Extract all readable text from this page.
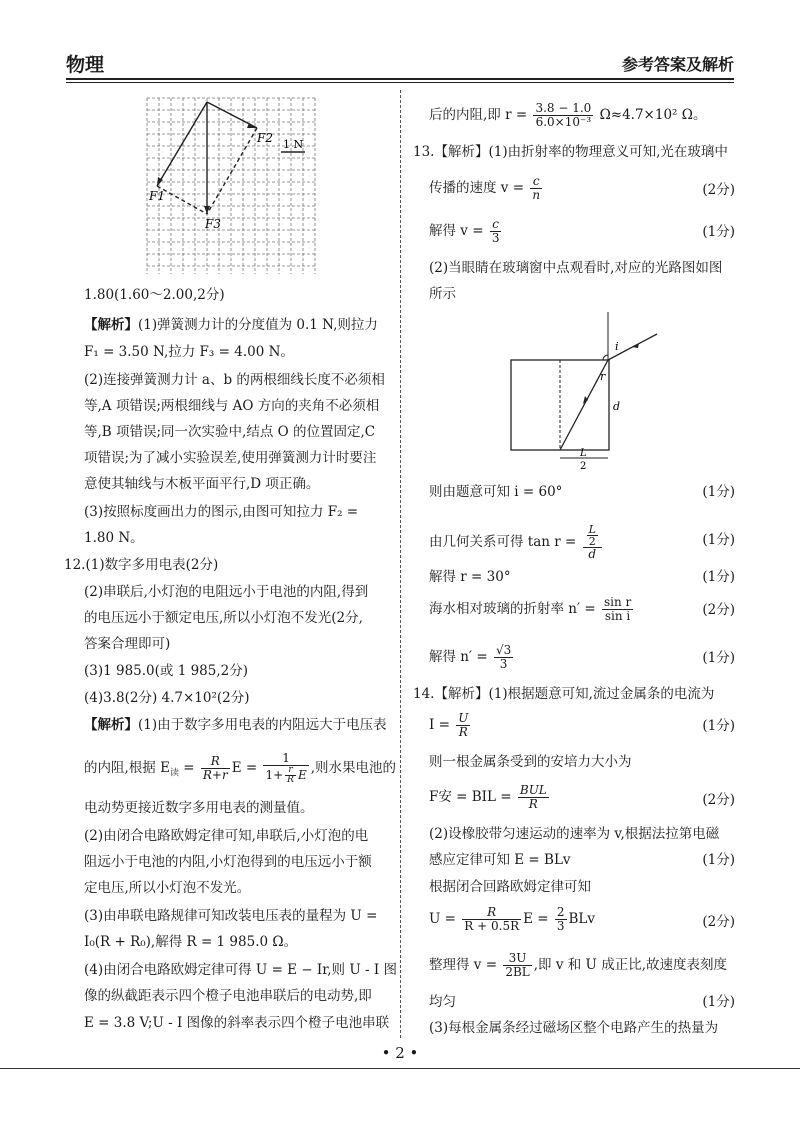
物理	参考答案及解析
F2
F1
F3
1 N
1.80(1.60～2.00,2分)
【解析】(1)弹簧测力计的分度值为 0.1 N,则拉力
F₁ = 3.50 N,拉力 F₃ = 4.00 N。
(2)连接弹簧测力计 a、b 的两根细线长度不必须相
等,A 项错误;两根细线与 AO 方向的夹角不必须相
等,B 项错误;同一次实验中,结点 O 的位置固定,C
项错误;为了减小实验误差,使用弹簧测力计时要注
意使其轴线与木板平面平行,D 项正确。
(3)按照标度画出力的图示,由图可知拉力 F₂ =
1.80 N。
12.(1)数字多用电表(2分)
(2)串联后,小灯泡的电阻远小于电池的内阻,得到
的电压远小于额定电压,所以小灯泡不发光(2分,
答案合理即可)
(3)1 985.0(或 1 985,2分)
(4)3.8(2分) 4.7×10²(2分)
【解析】(1)由于数字多用电表的内阻远大于电压表
的内阻,根据 $E_读 = \frac{R}{R+r}$ $E = \frac{1}{1+ \frac{r}{R} E}$ ,则水果电池的
电动势更接近数字多用电表的测量值。
(2)由闭合电路欧姆定律可知,串联后,小灯泡的电
阻远小于电池的内阻,小灯泡得到的电压远小于额
定电压,所以小灯泡不发光。
(3)由串联电路规律可知改装电压表的量程为 U =
I₀(R + R₀),解得 R = 1 985.0 Ω。
(4)由闭合电路欧姆定律可得 U = E − Ir,则 U - I 图
像的纵截距表示四个橙子电池串联后的电动势,即
E = 3.8 V;U - I 图像的斜率表示四个橙子电池串联
后的内阻,即 $r = \frac{3.8 - 1.0}{\text{6.0×10⁻³}} \Omega\approx 4.7\times 10^2$ Ω。
13.【解析】(1)由折射率的物理意义可知,光在玻璃中
传播的速度 $v = \frac{c}{n}$	(2分)
解得 $v = \frac{c}{3}$	(1分)
(2)当眼睛在玻璃窗中点观看时,对应的光路图如图
所示
i
r
d
L
2
则由题意可知 i = 60°	(1分)
由几何关系可得 $\tan r = \frac{\frac{L}{2}}{d}$	(1分)
解得 r = 30°	(1分)
海水相对玻璃的折射率 $n' = \frac{\text{sin r}}{\text{sin i}}$	(2分)
解得 $n' = \frac{√3}{3}$	(1分)
14.【解析】(1)根据题意可知,流过金属条的电流为
$I = \frac{U}{R}$	(1分)
则一根金属条受到的安培力大小为
F安 = BIL = $\frac{\text{BUL}}{R}$	(2分)
(2)设橡胶带匀速运动的速率为 v,根据法拉第电磁
感应定律可知 E = BLv	(1分)
根据闭合回路欧姆定律可知
$U = \frac{R}{R + 0.5R}$ $E = \frac{2}{3}$ BLv	(2分)
整理得 $v = \frac{3U}{2BL}$ ,即 v 和 U 成正比,故速度表刻度
均匀	(1分)
(3)每根金属条经过磁场区整个电路产生的热量为
• 2 •
